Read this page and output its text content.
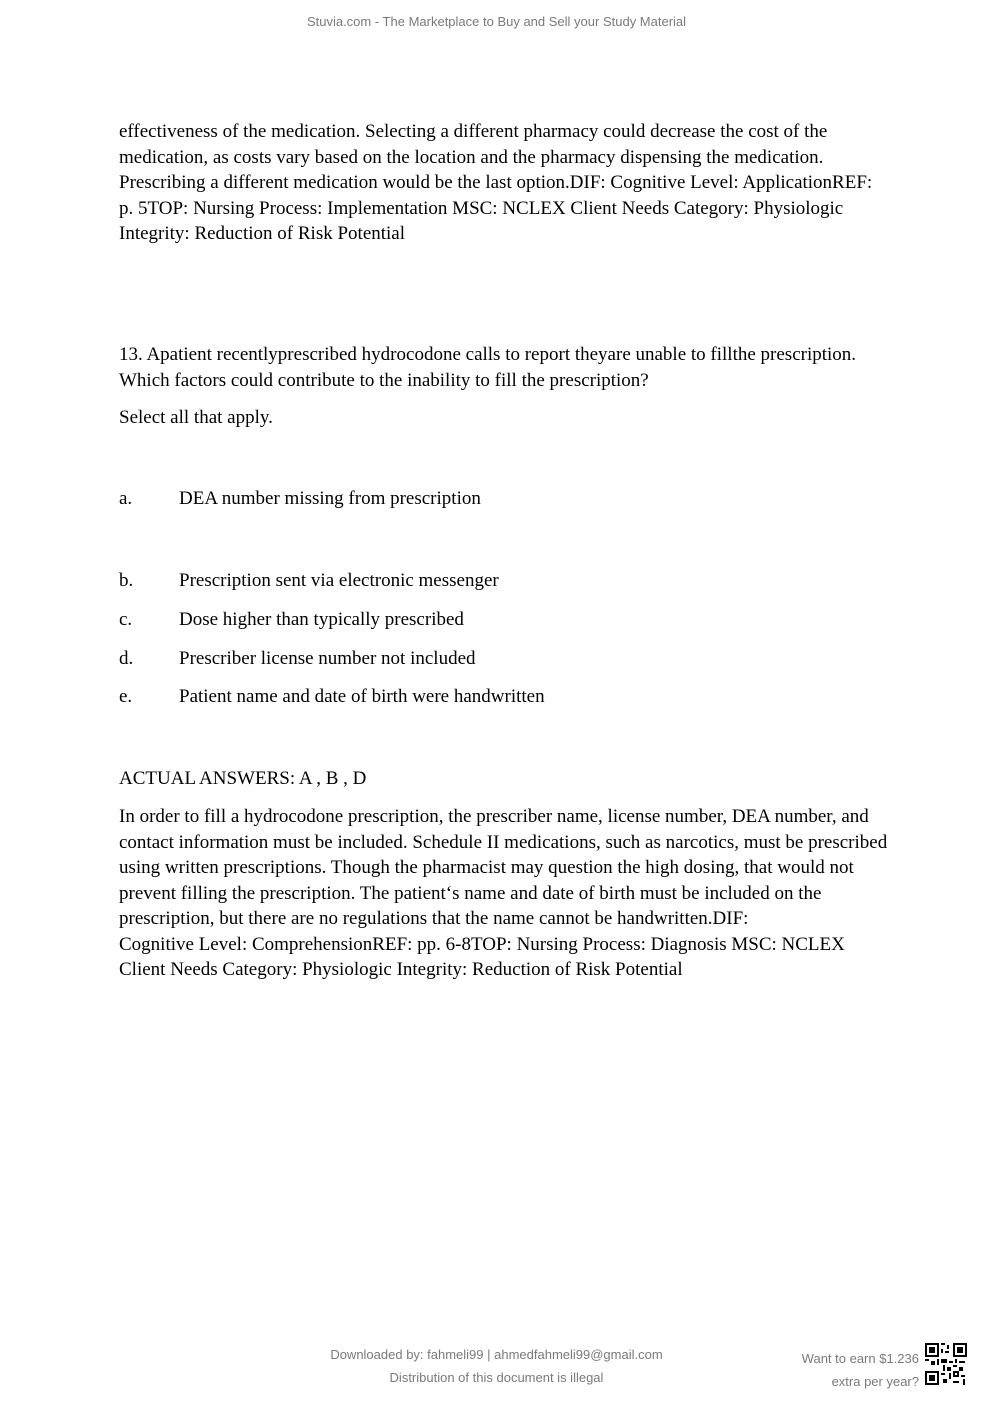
Stuvia.com - The Marketplace to Buy and Sell your Study Material

effectiveness of the medication. Selecting a different pharmacy could decrease the cost of the medication, as costs vary based on the location and the pharmacy dispensing the medication. Prescribing a different medication would be the last option.DIF: Cognitive Level: ApplicationREF: p. 5TOP: Nursing Process: Implementation MSC: NCLEX Client Needs Category: Physiologic Integrity: Reduction of Risk Potential

13. Apatient recentlyprescribed hydrocodone calls to report theyare unable to fillthe prescription. Which factors could contribute to the inability to fill the prescription?

Select all that apply.

a.	DEA number missing from prescription
b.	Prescription sent via electronic messenger
c.	Dose higher than typically prescribed
d.	Prescriber license number not included
e.	Patient name and date of birth were handwritten

ACTUAL ANSWERS: A , B , D

In order to fill a hydrocodone prescription, the prescriber name, license number, DEA number, and contact information must be included. Schedule II medications, such as narcotics, must be prescribed using written prescriptions. Though the pharmacist may question the high dosing, that would not prevent filling the prescription. The patient‘s name and date of birth must be included on the prescription, but there are no regulations that the name cannot be handwritten.DIF:
Cognitive Level: ComprehensionREF: pp. 6-8TOP: Nursing Process: Diagnosis MSC: NCLEX Client Needs Category: Physiologic Integrity: Reduction of Risk Potential
Downloaded by: fahmeli99 | ahmedfahmeli99@gmail.com
Distribution of this document is illegal
Want to earn $1.236
extra per year?
